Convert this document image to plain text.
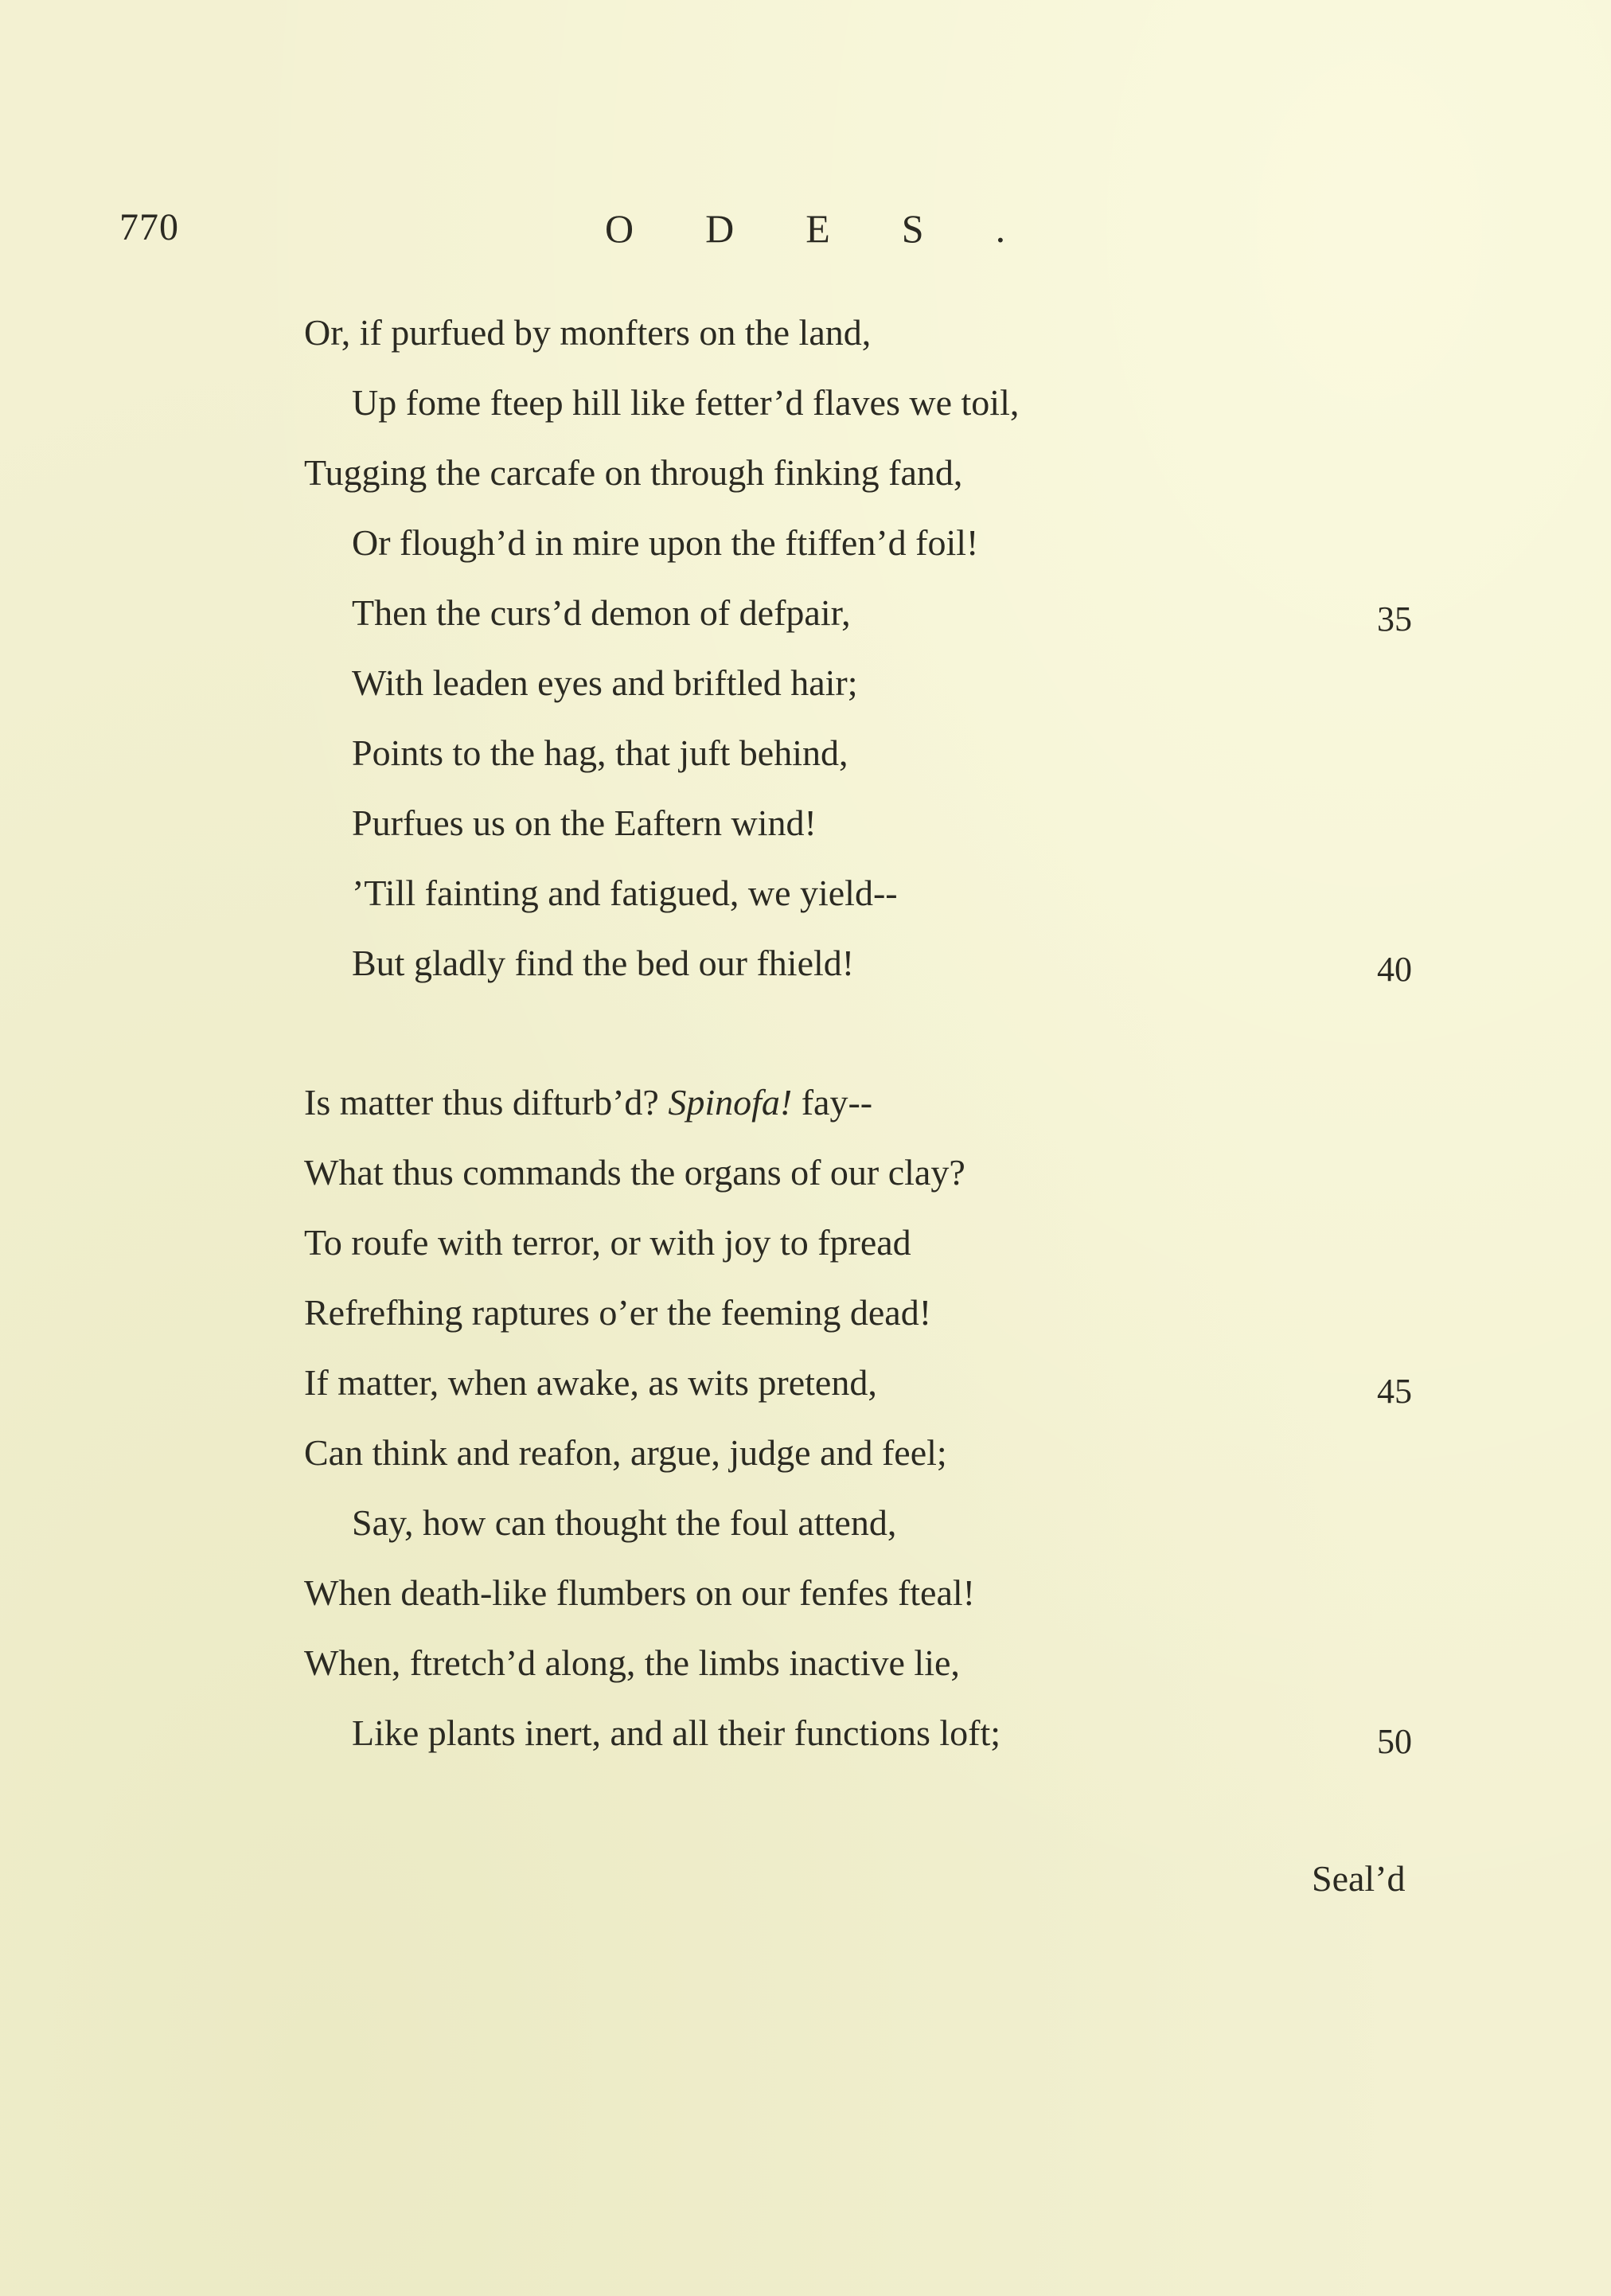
770	ODES.
Or, if purfued by monfters on the land,
Up fome fteep hill like fetter’d flaves we toil,
Tugging the carcafe on through finking fand,
Or flough’d in mire upon the ftiffen’d foil!
Then the curs’d demon of defpair,	35
With leaden eyes and briftled hair;
Points to the hag, that juft behind,
Purfues us on the Eaftern wind!
’Till fainting and fatigued, we yield--
But gladly find the bed our fhield!	40
Is matter thus difturb’d? Spinofa! fay--
What thus commands the organs of our clay?
To roufe with terror, or with joy to fpread
Refrefhing raptures o’er the feeming dead!
If matter, when awake, as wits pretend,	45
Can think and reafon, argue, judge and feel;
Say, how can thought the foul attend,
When death-like flumbers on our fenfes fteal!
When, ftretch’d along, the limbs inactive lie,
Like plants inert, and all their functions loft;	50
Seal’d
